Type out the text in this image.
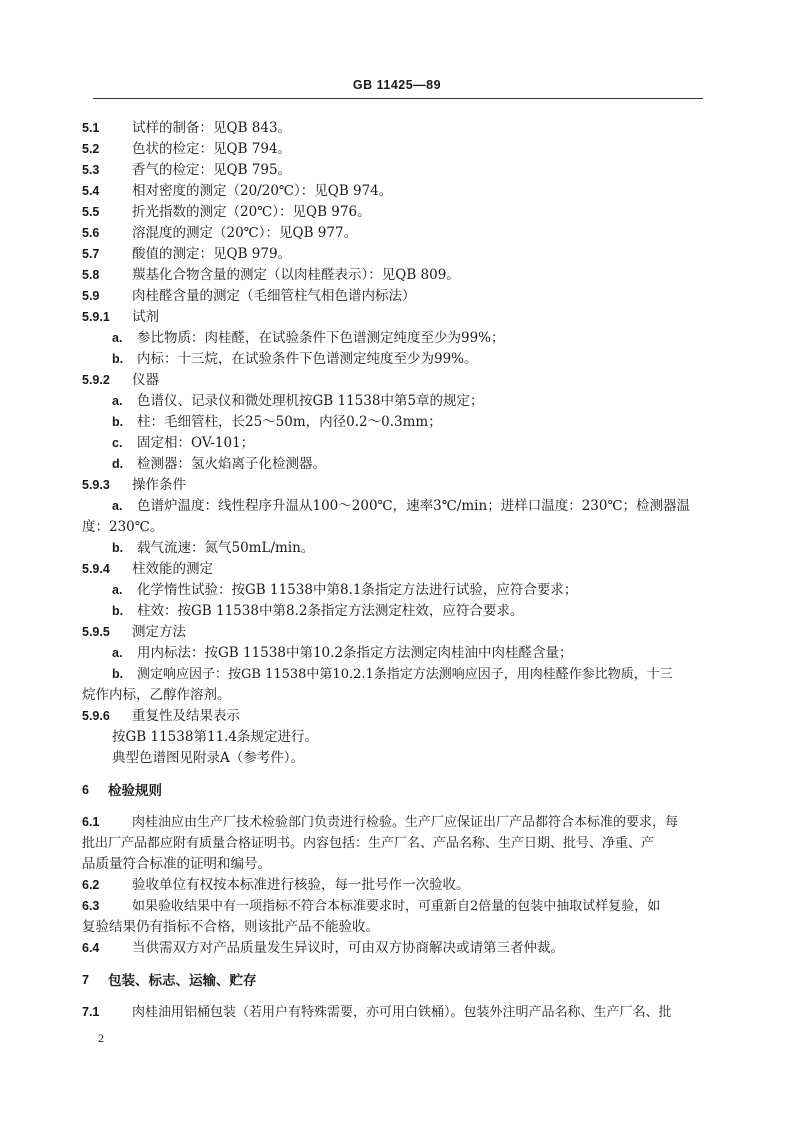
GB 11425—89
5.1 试样的制备：见QB 843。
5.2 色状的检定：见QB 794。
5.3 香气的检定：见QB 795。
5.4 相对密度的测定（20/20℃）：见QB 974。
5.5 折光指数的测定（20℃）：见QB 976。
5.6 溶混度的测定（20℃）：见QB 977。
5.7 酸值的测定：见QB 979。
5.8 羰基化合物含量的测定（以肉桂醛表示）：见QB 809。
5.9 肉桂醛含量的测定（毛细管柱气相色谱内标法）
5.9.1 试剂
a. 参比物质：肉桂醛，在试验条件下色谱测定纯度至少为99%；
b. 内标：十三烷，在试验条件下色谱测定纯度至少为99%。
5.9.2 仪器
a. 色谱仪、记录仪和微处理机按GB 11538中第5章的规定；
b. 柱：毛细管柱，长25～50m，内径0.2～0.3mm；
c. 固定相：OV-101；
d. 检测器：氢火焰离子化检测器。
5.9.3 操作条件
a. 色谱炉温度：线性程序升温从100～200℃，速率3℃/min；进样口温度：230℃；检测器温
度：230℃。
b. 载气流速：氮气50mL/min。
5.9.4 柱效能的测定
a. 化学惰性试验：按GB 11538中第8.1条指定方法进行试验，应符合要求；
b. 柱效：按GB 11538中第8.2条指定方法测定柱效，应符合要求。
5.9.5 测定方法
a. 用内标法：按GB 11538中第10.2条指定方法测定肉桂油中肉桂醛含量；
b. 测定响应因子：按GB 11538中第10.2.1条指定方法测响应因子，用肉桂醛作参比物质，十三
烷作内标，乙醇作溶剂。
5.9.6 重复性及结果表示
按GB 11538第11.4条规定进行。
典型色谱图见附录A（参考件）。
6 检验规则
6.1	肉桂油应由生产厂技术检验部门负责进行检验。生产厂应保证出厂产品都符合本标准的要求，每
批出厂产品都应附有质量合格证明书。内容包括：生产厂名、产品名称、生产日期、批号、净重、产
品质量符合标准的证明和编号。
6.2 验收单位有权按本标准进行核验，每一批号作一次验收。
6.3	如果验收结果中有一项指标不符合本标准要求时，可重新自2倍量的包装中抽取试样复验，如
复验结果仍有指标不合格，则该批产品不能验收。
6.4 当供需双方对产品质量发生异议时，可由双方协商解决或请第三者仲裁。
7 包装、标志、运输、贮存
7.1	肉桂油用铝桶包装（若用户有特殊需要，亦可用白铁桶）。包装外注明产品名称、生产厂名、批
2
